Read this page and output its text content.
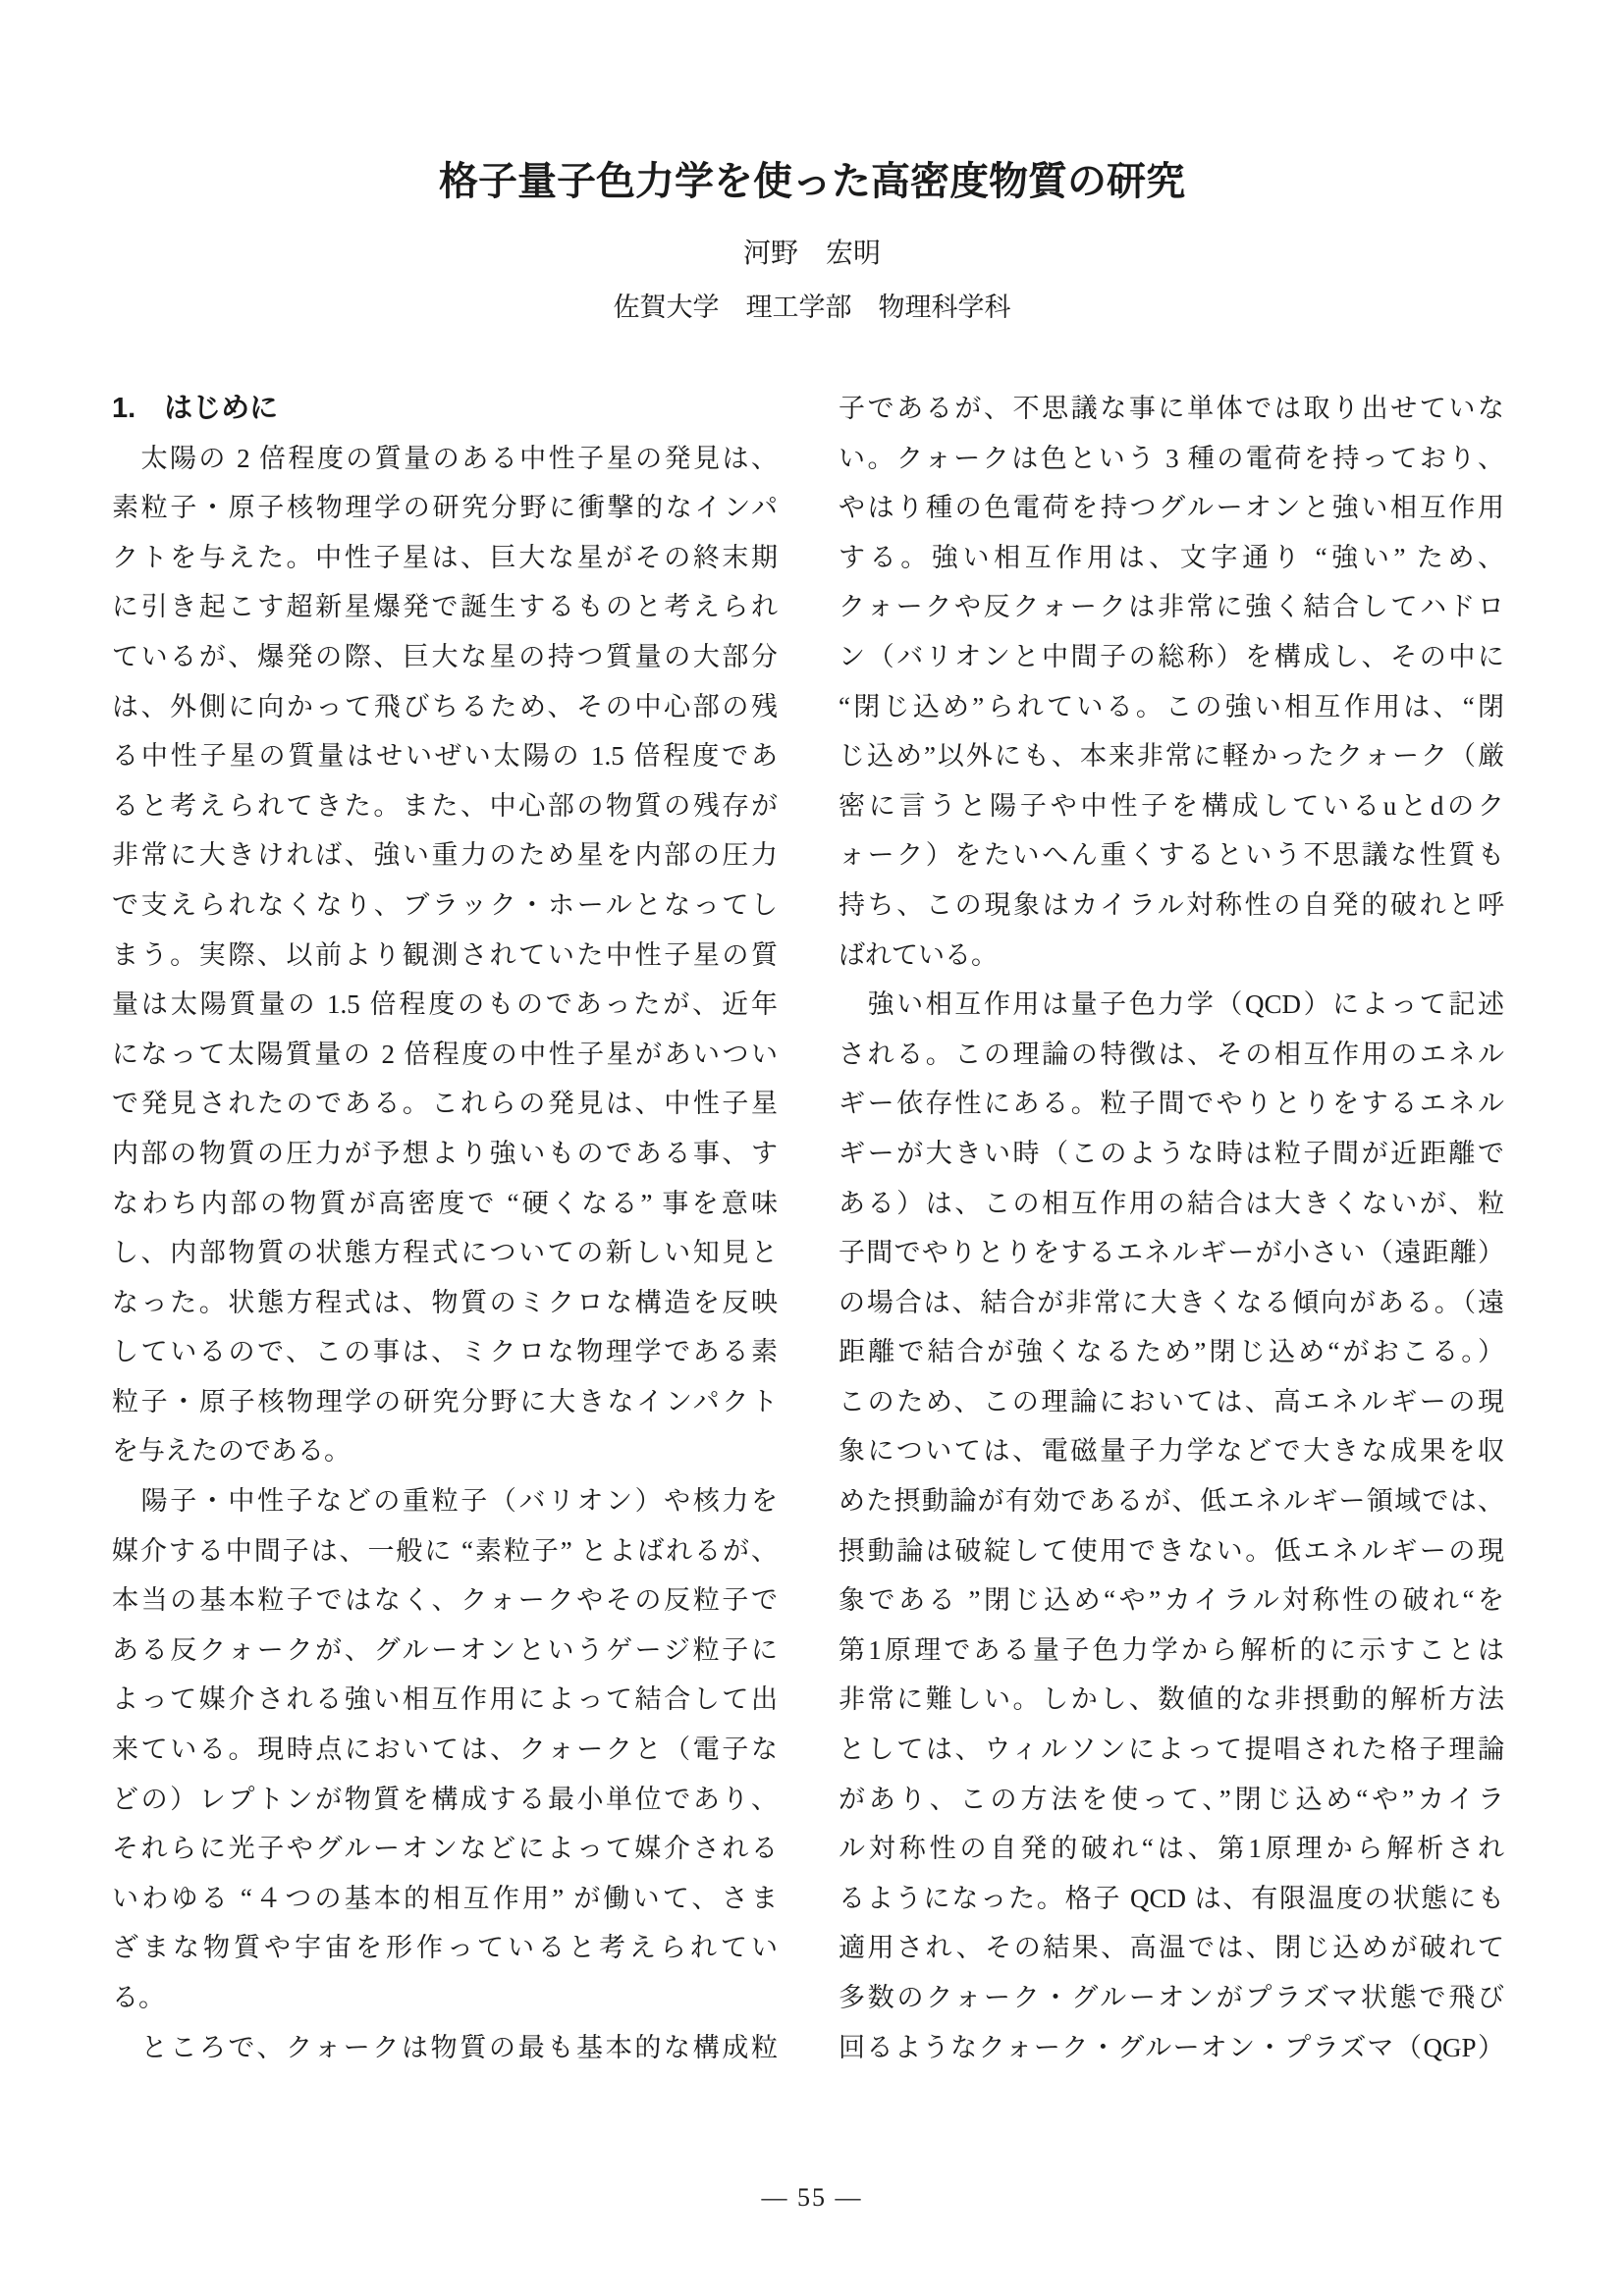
格子量子色力学を使った高密度物質の研究
河野　宏明
佐賀大学　理工学部　物理科学科
1.　はじめに
　太陽の 2 倍程度の質量のある中性子星の発見は、
素粒子・原子核物理学の研究分野に衝撃的なインパ
クトを与えた。中性子星は、巨大な星がその終末期
に引き起こす超新星爆発で誕生するものと考えられ
ているが、爆発の際、巨大な星の持つ質量の大部分
は、外側に向かって飛びちるため、その中心部の残
る中性子星の質量はせいぜい太陽の 1.5 倍程度であ
ると考えられてきた。また、中心部の物質の残存が
非常に大きければ、強い重力のため星を内部の圧力
で支えられなくなり、ブラック・ホールとなってし
まう。実際、以前より観測されていた中性子星の質
量は太陽質量の 1.5 倍程度のものであったが、近年
になって太陽質量の 2 倍程度の中性子星があいつい
で発見されたのである。これらの発見は、中性子星
内部の物質の圧力が予想より強いものである事、す
なわち内部の物質が高密度で “硬くなる” 事を意味
し、内部物質の状態方程式についての新しい知見と
なった。状態方程式は、物質のミクロな構造を反映
しているので、この事は、ミクロな物理学である素
粒子・原子核物理学の研究分野に大きなインパクト
を与えたのである。
　陽子・中性子などの重粒子（バリオン）や核力を
媒介する中間子は、一般に “素粒子” とよばれるが、
本当の基本粒子ではなく、クォークやその反粒子で
ある反クォークが、グルーオンというゲージ粒子に
よって媒介される強い相互作用によって結合して出
来ている。現時点においては、クォークと（電子な
どの）レプトンが物質を構成する最小単位であり、
それらに光子やグルーオンなどによって媒介される
いわゆる “４つの基本的相互作用” が働いて、さま
ざまな物質や宇宙を形作っていると考えられてい
る。
　ところで、クォークは物質の最も基本的な構成粒
子であるが、不思議な事に単体では取り出せていな
い。クォークは色という 3 種の電荷を持っており、
やはり種の色電荷を持つグルーオンと強い相互作用
する。強い相互作用は、文字通り “強い” ため、
クォークや反クォークは非常に強く結合してハドロ
ン（バリオンと中間子の総称）を構成し、その中に
“閉じ込め”られている。この強い相互作用は、“閉
じ込め”以外にも、本来非常に軽かったクォーク（厳
密に言うと陽子や中性子を構成しているuとdのク
ォーク）をたいへん重くするという不思議な性質も
持ち、この現象はカイラル対称性の自発的破れと呼
ばれている。
　強い相互作用は量子色力学（QCD）によって記述
される。この理論の特徴は、その相互作用のエネル
ギー依存性にある。粒子間でやりとりをするエネル
ギーが大きい時（このような時は粒子間が近距離で
ある）は、この相互作用の結合は大きくないが、粒
子間でやりとりをするエネルギーが小さい（遠距離）
の場合は、結合が非常に大きくなる傾向がある。（遠
距離で結合が強くなるため”閉じ込め“がおこる。）
このため、この理論においては、高エネルギーの現
象については、電磁量子力学などで大きな成果を収
めた摂動論が有効であるが、低エネルギー領域では、
摂動論は破綻して使用できない。低エネルギーの現
象である ”閉じ込め“や”カイラル対称性の破れ“を
第1原理である量子色力学から解析的に示すことは
非常に難しい。しかし、数値的な非摂動的解析方法
としては、ウィルソンによって提唱された格子理論
があり、この方法を使って、”閉じ込め“や”カイラ
ル対称性の自発的破れ“は、第1原理から解析され
るようになった。格子 QCD は、有限温度の状態にも
適用され、その結果、高温では、閉じ込めが破れて
多数のクォーク・グルーオンがプラズマ状態で飛び
回るようなクォーク・グルーオン・プラズマ（QGP）
— 55 —
